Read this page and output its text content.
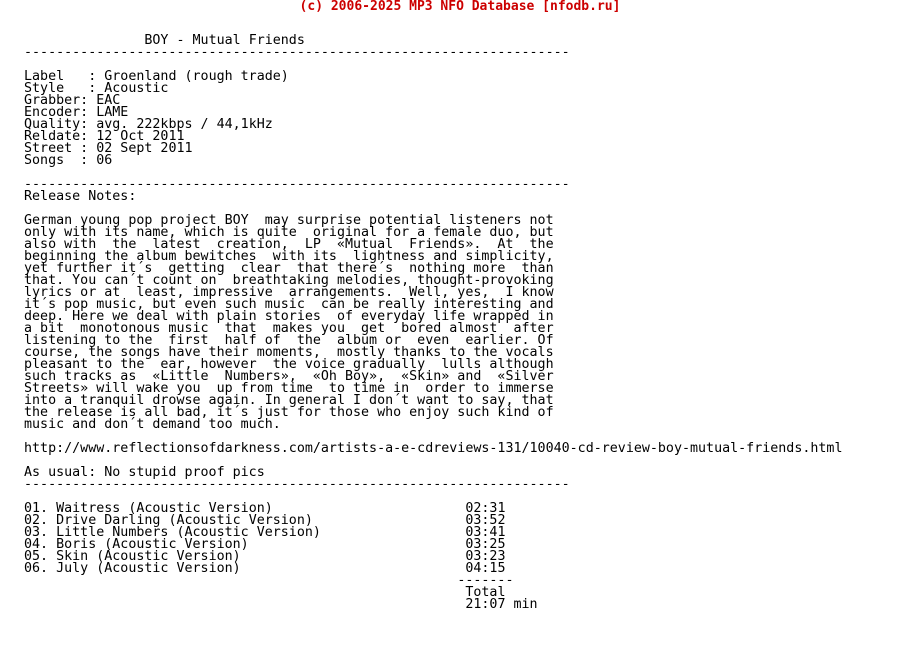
(c) 2006-2025 MP3 NFO Database [nfodb.ru]
BOY - Mutual Friends
--------------------------------------------------------------------

Label   : Groenland (rough trade)
Style   : Acoustic
Grabber: EAC
Encoder: LAME
Quality: avg. 222kbps / 44,1kHz
Reldate: 12 Oct 2011
Street : 02 Sept 2011
Songs  : 06

--------------------------------------------------------------------
Release Notes:

German young pop project BOY  may surprise potential listeners not
only with its name, which is quite  original for a female duo, but
also with  the  latest  creation,  LP  «Mutual  Friends».  At  the
beginning the album bewitches  with its  lightness and simplicity,
yet further it´s  getting  clear  that there´s  nothing more  than
that. You can´t count on  breathtaking melodies, thought-provoking
lyrics or at  least, impressive  arrangements.  Well, yes,  I know
it´s pop music, but even such music  can be really interesting and
deep. Here we deal with plain stories  of everyday life wrapped in
a bit  monotonous music  that  makes you  get  bored almost  after
listening to the  first  half of  the  album or  even  earlier. Of
course, the songs have their moments,  mostly thanks to the vocals
pleasant to the  ear, however  the voice gradually  lulls although
such tracks as  «Little  Numbers»,  «Oh Boy»,  «Skin» and  «Silver
Streets» will wake you  up from time  to time in  order to immerse
into a tranquil drowse again. In general I don´t want to say, that
the release is all bad, it´s just for those who enjoy such kind of
music and don´t demand too much.

http://www.reflectionsofdarkness.com/artists-a-e-cdreviews-131/10040-cd-review-boy-mutual-friends.html

As usual: No stupid proof pics
--------------------------------------------------------------------

01. Waitress (Acoustic Version)	02:31
02. Drive Darling (Acoustic Version)	03:52
03. Little Numbers (Acoustic Version)	03:41
04. Boris (Acoustic Version)	03:25
05. Skin (Acoustic Version)	03:23
06. July (Acoustic Version)	04:15
-------
Total
21:07 min
